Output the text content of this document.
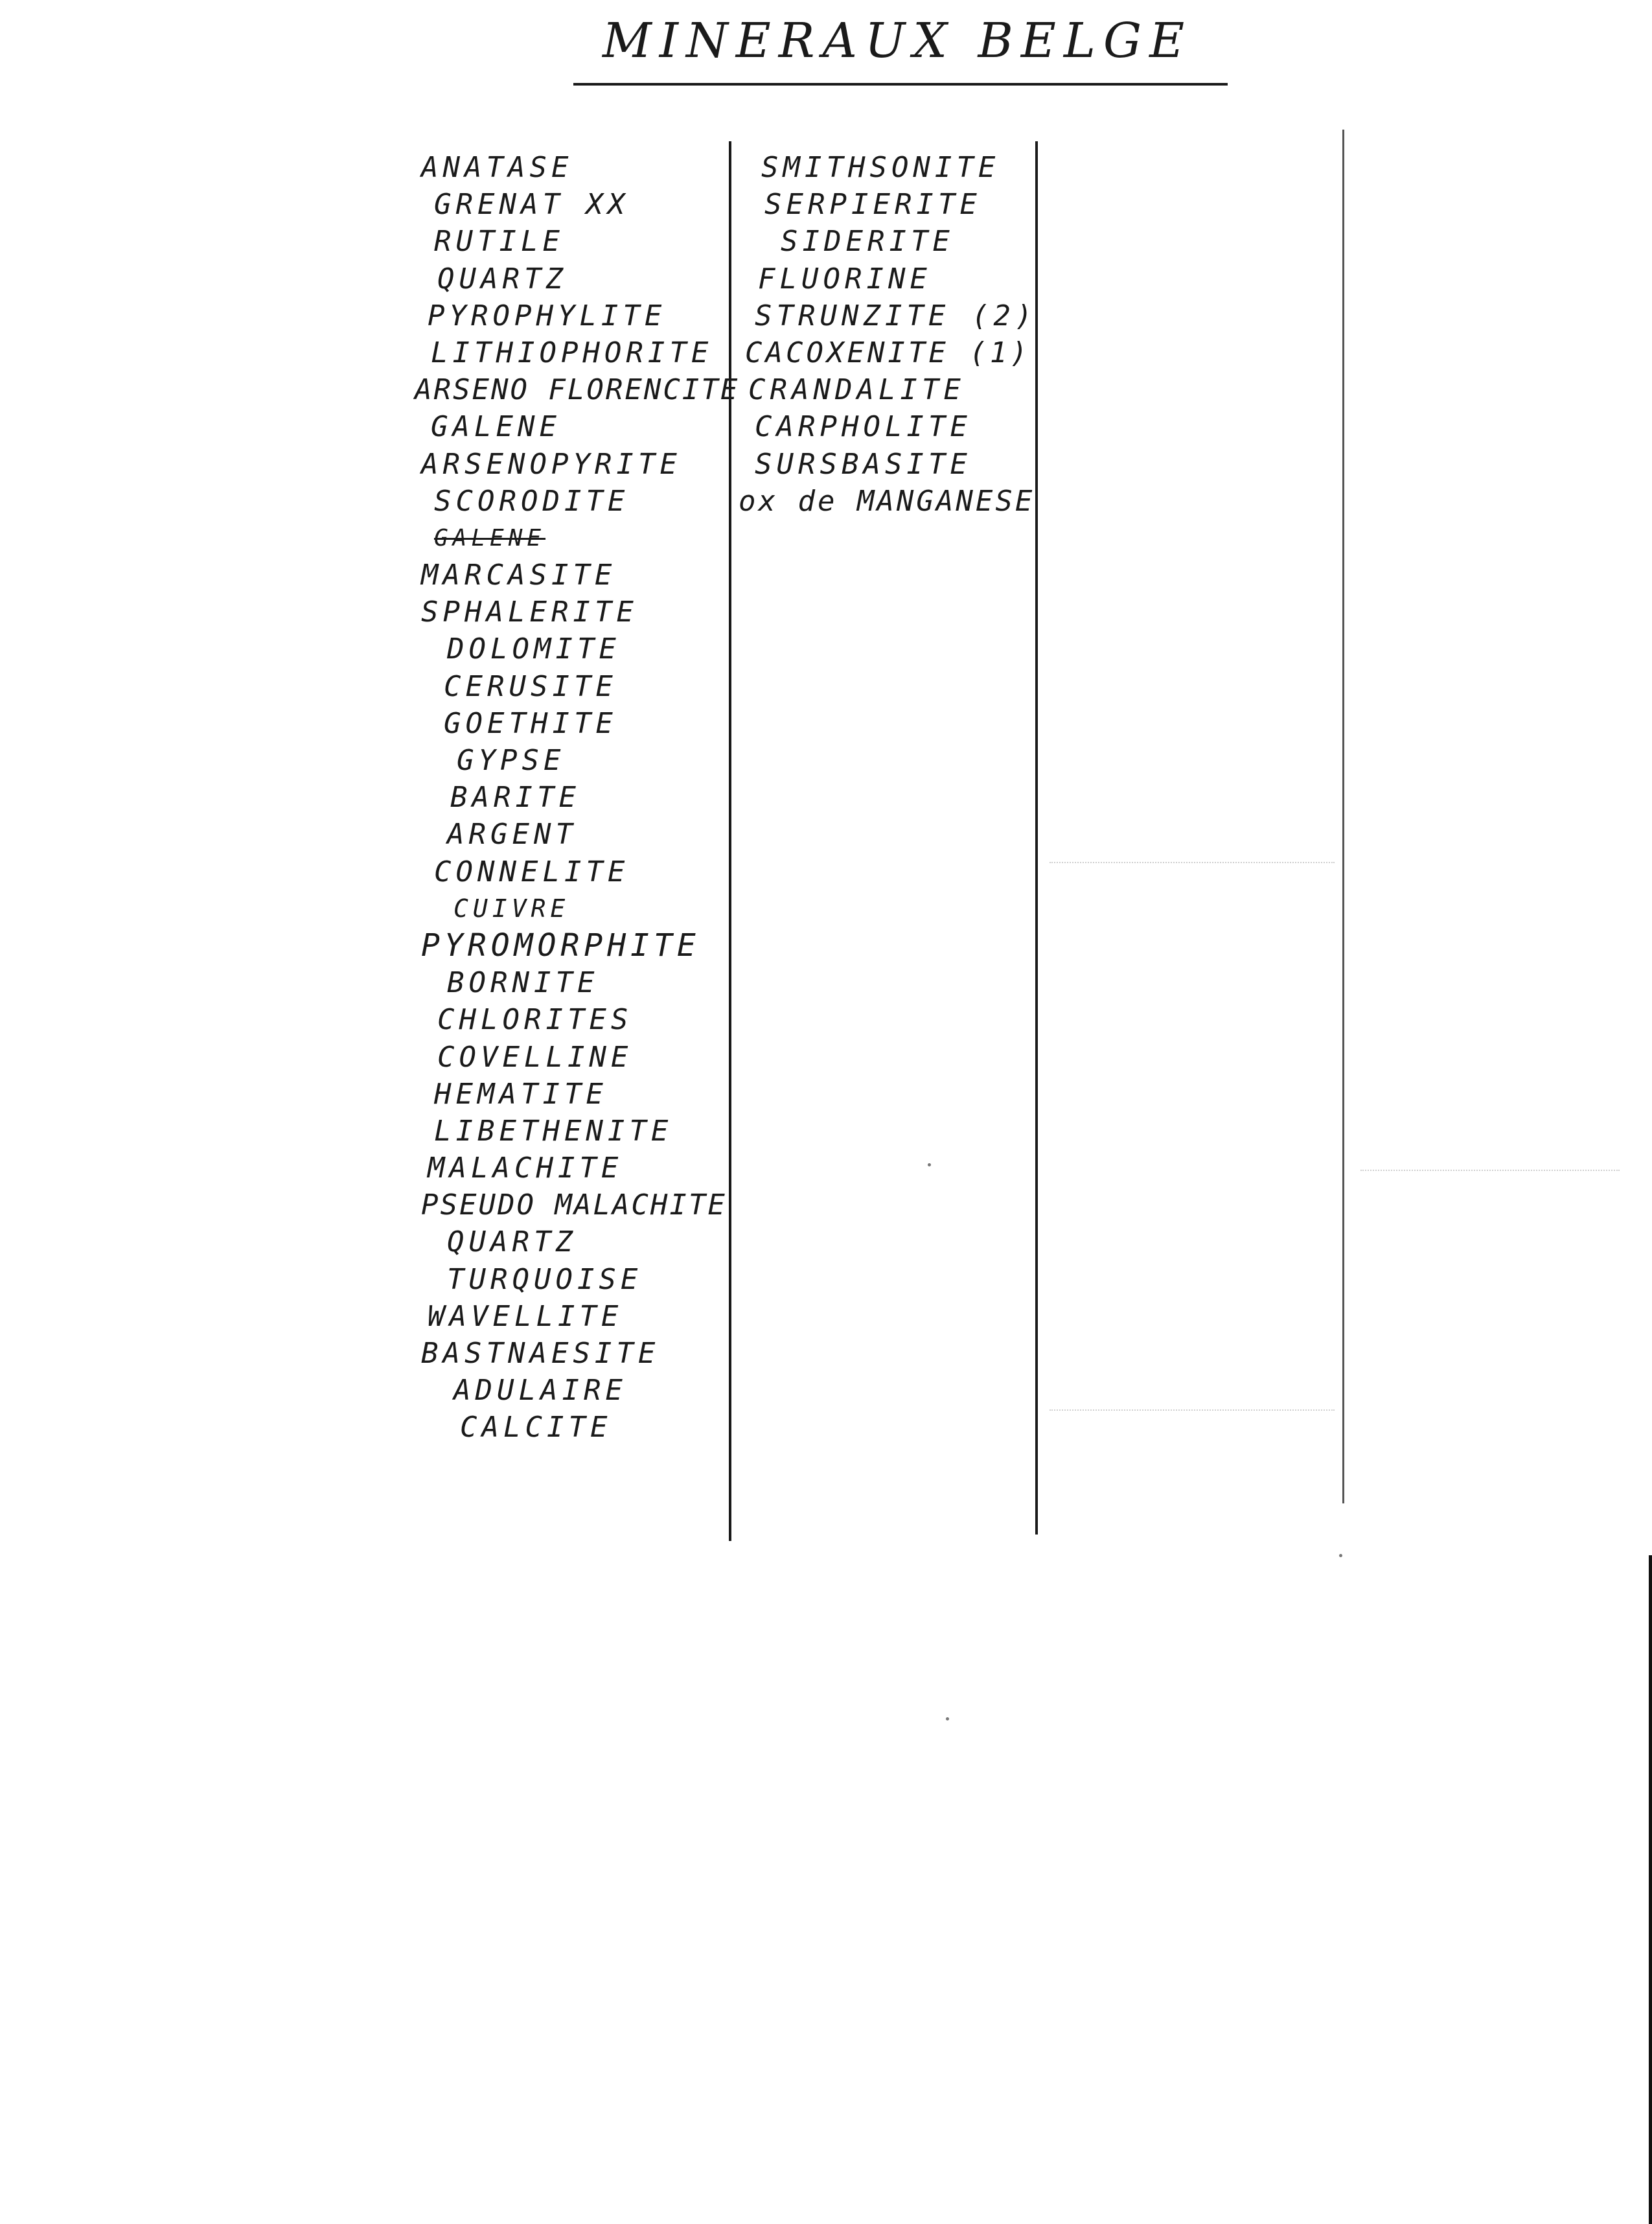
MINERAUX BELGE
ANATASE
GRENAT XX
RUTILE
QUARTZ
PYROPHYLITE
LITHIOPHORITE
ARSENO FLORENCITE
GALENE
ARSENOPYRITE
SCORODITE
GALENE
MARCASITE
SPHALERITE
DOLOMITE
CERUSITE
GOETHITE
GYPSE
BARITE
ARGENT
CONNELITE
CUIVRE
PYROMORPHITE
BORNITE
CHLORITES
COVELLINE
HEMATITE
LIBETHENITE
MALACHITE
PSEUDO MALACHITE
QUARTZ
TURQUOISE
WAVELLITE
BASTNAESITE
ADULAIRE
CALCITE
SMITHSONITE
SERPIERITE
SIDERITE
FLUORINE
STRUNZITE (2)
CACOXENITE (1)
CRANDALITE
CARPHOLITE
SURSBASITE
ox de MANGANESE
